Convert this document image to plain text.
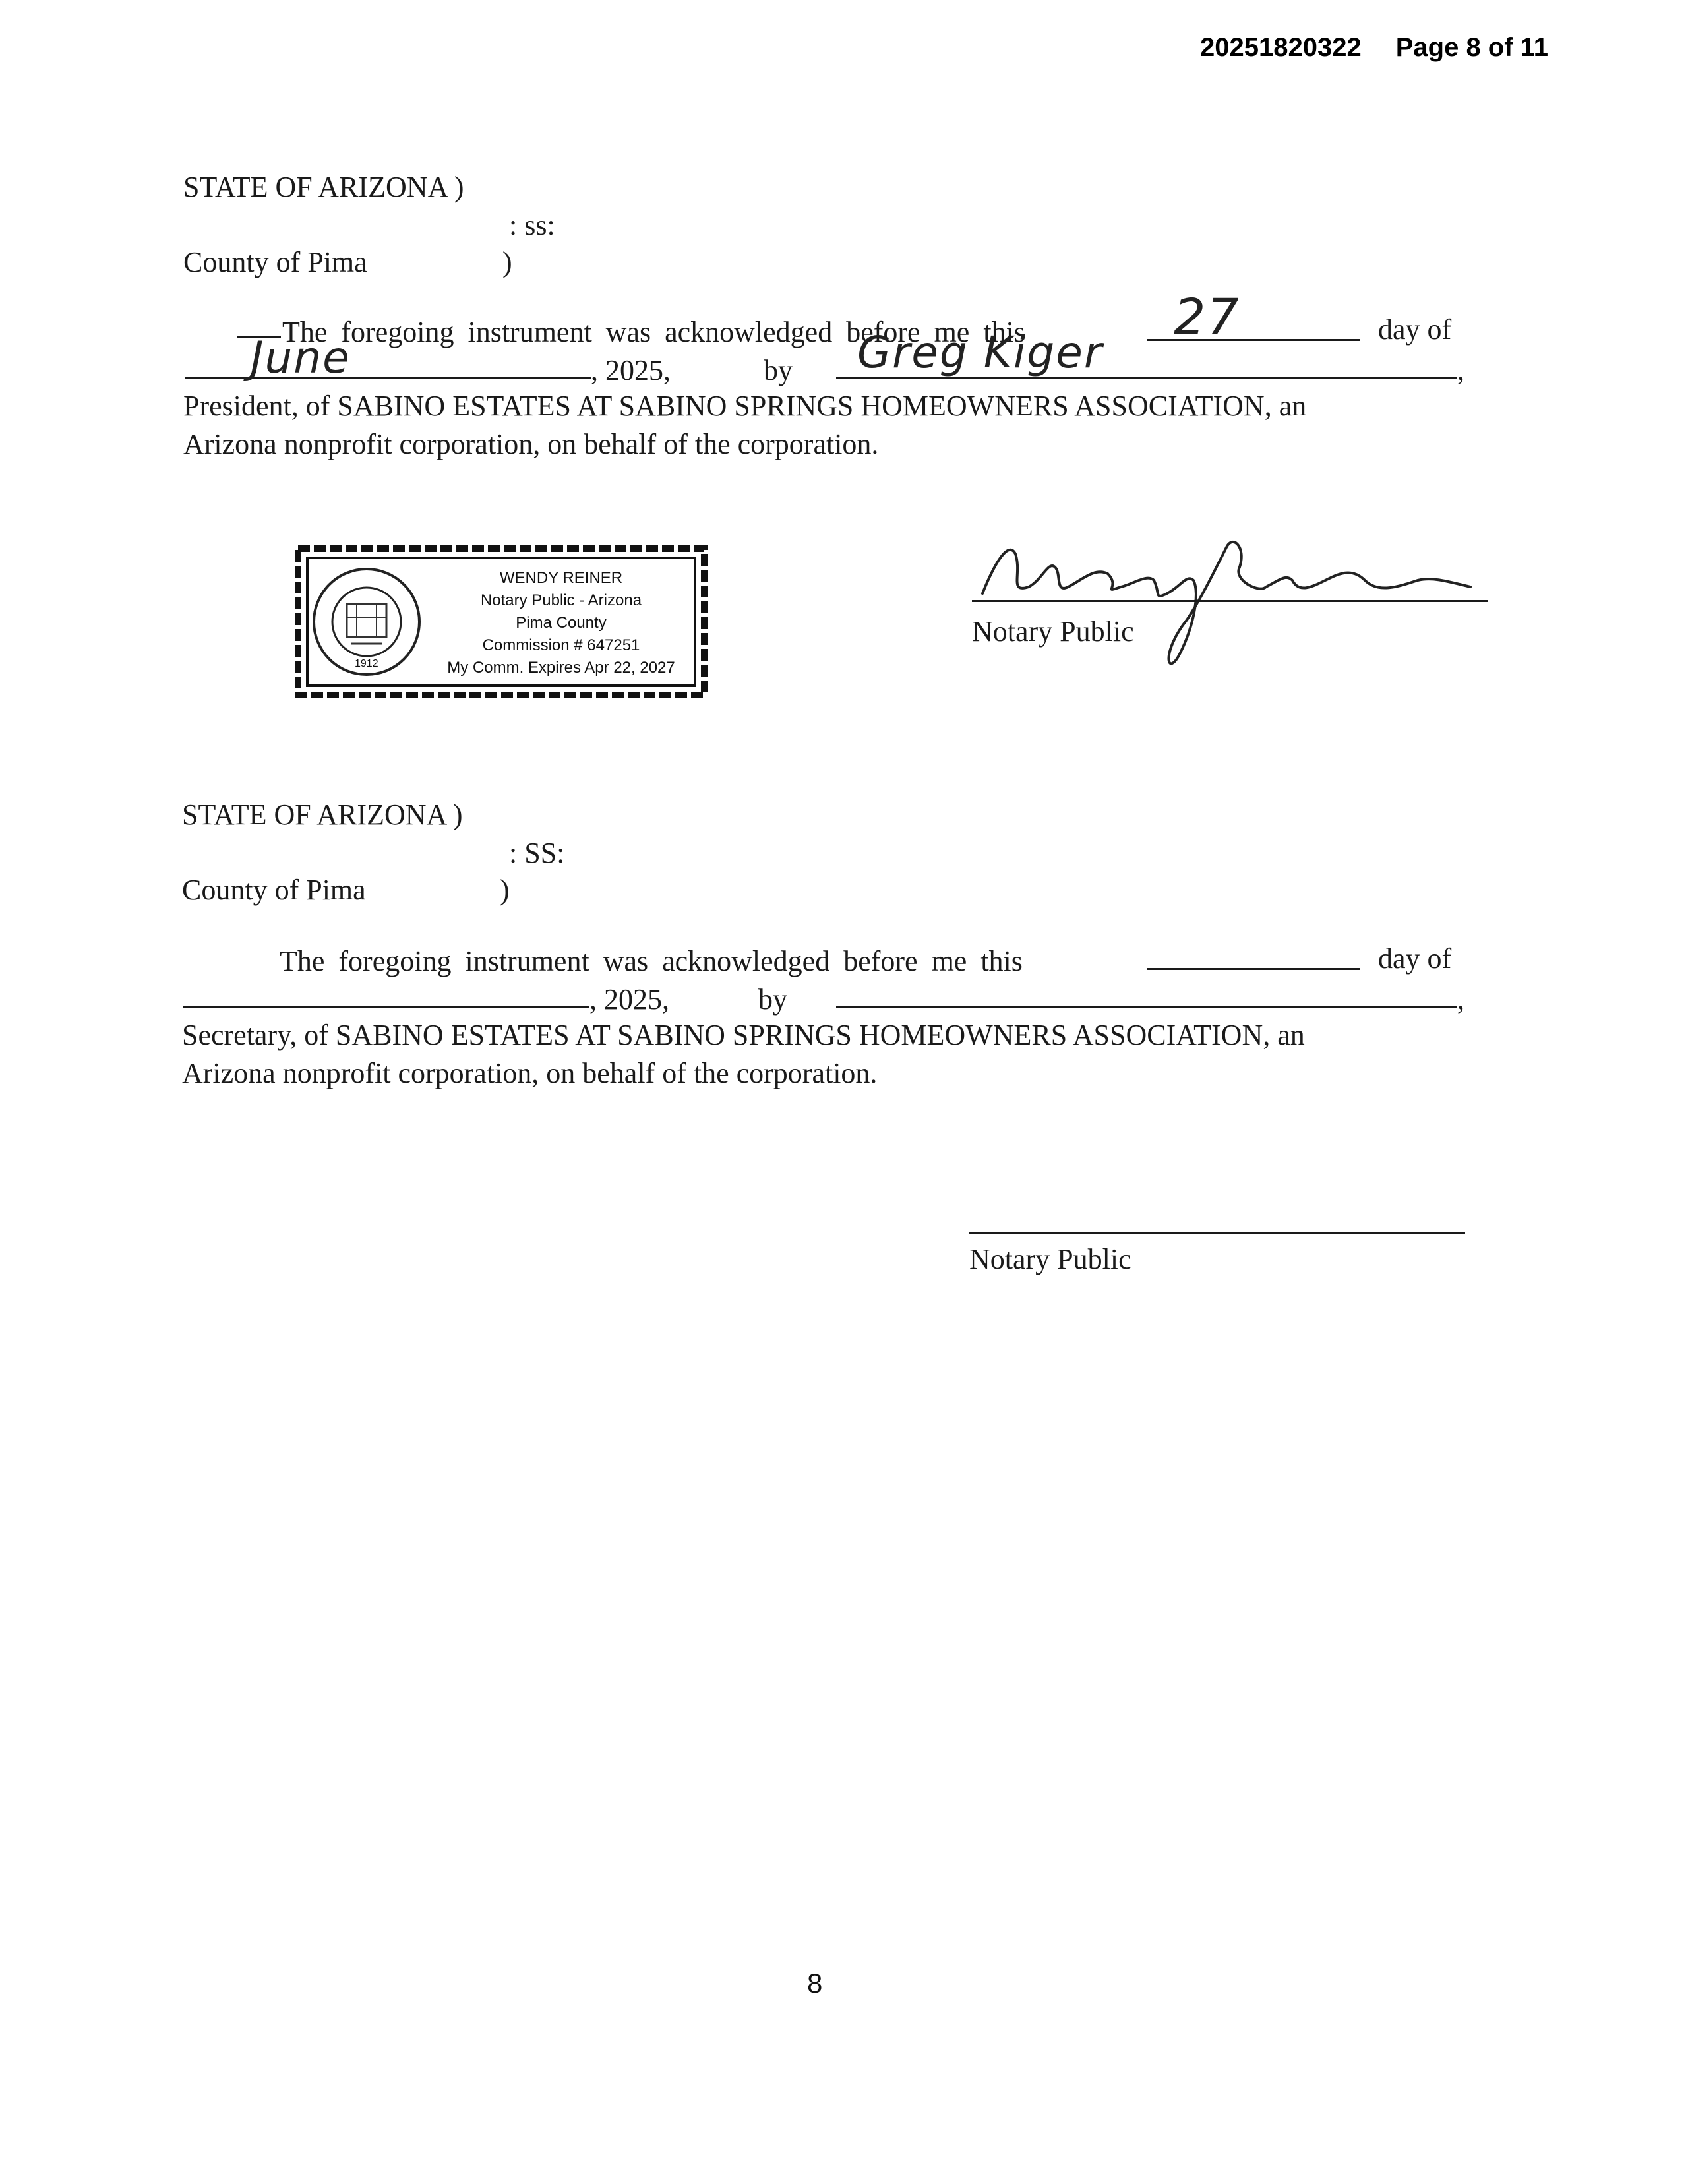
20251820322 Page 8 of 11
STATE OF ARIZONA )
: ss:
County of Pima	)
The foregoing instrument was acknowledged before me this	27	day of
June	, 2025,	by Greg Kiger	,
President, of SABINO ESTATES AT SABINO SPRINGS HOMEOWNERS ASSOCIATION, an
Arizona nonprofit corporation, on behalf of the corporation.
1912
WENDY REINER
Notary Public - Arizona
Pima County
Commission # 647251
My Comm. Expires Apr 22, 2027
Notary Public
STATE OF ARIZONA )
: SS:
County of Pima	)
The foregoing instrument was acknowledged before me this	day of
, 2025,	by	,
Secretary, of SABINO ESTATES AT SABINO SPRINGS HOMEOWNERS ASSOCIATION, an
Arizona nonprofit corporation, on behalf of the corporation.
Notary Public
8
